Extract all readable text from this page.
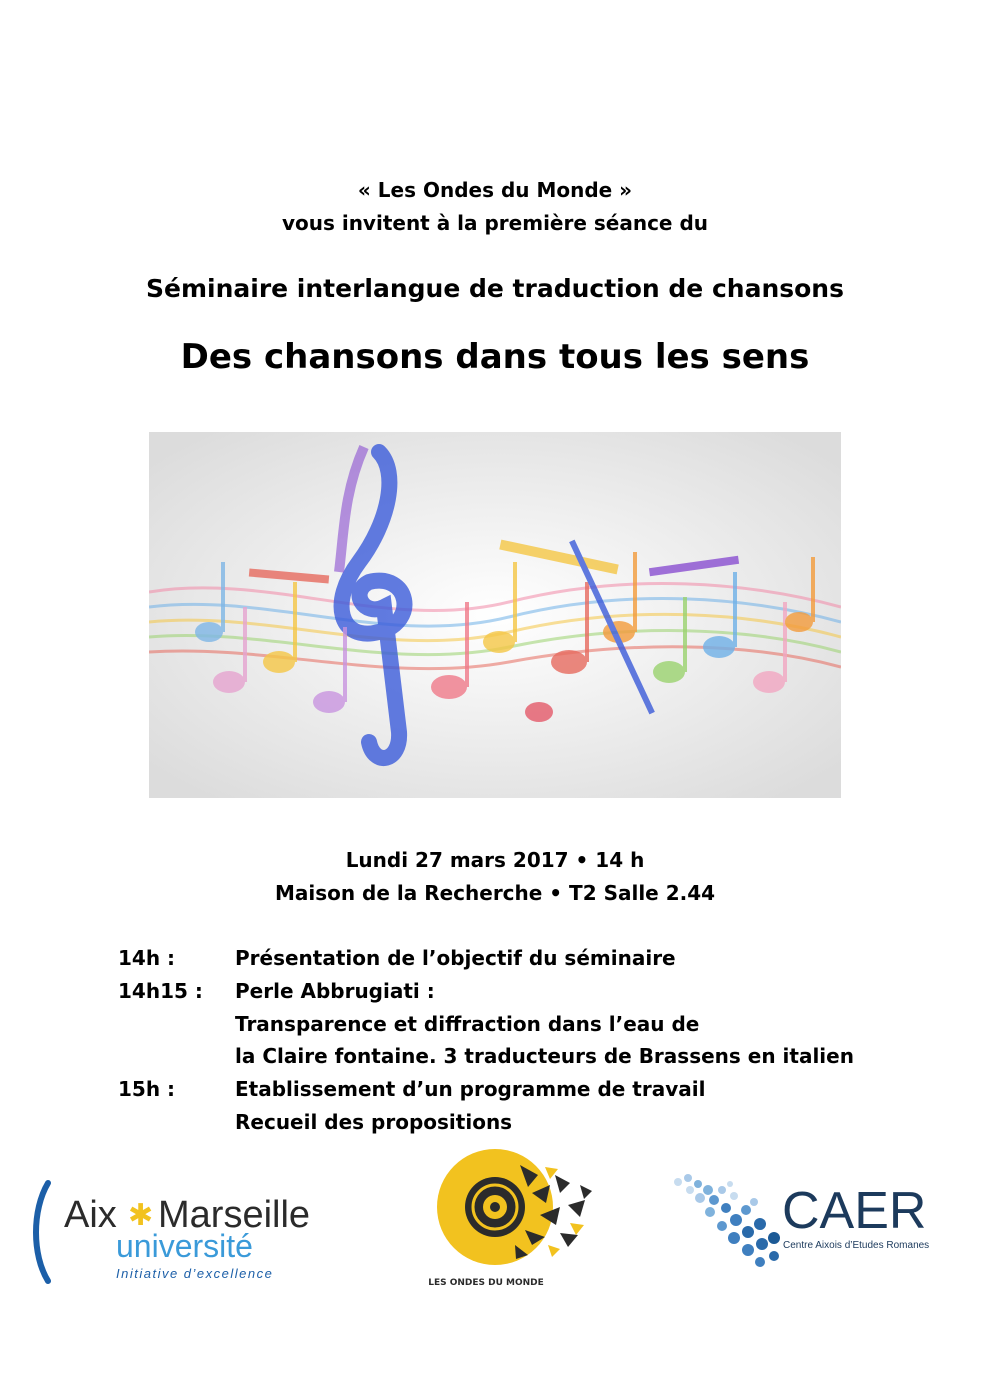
« Les Ondes du Monde »
vous invitent à la première séance du
Séminaire interlangue de traduction de chansons
Des chansons dans tous les sens
Lundi 27 mars 2017 • 14 h
Maison de la Recherche • T2 Salle 2.44
14h :	Présentation de l’objectif du séminaire
14h15 : Perle Abbrugiati :
Transparence et diffraction dans l’eau de
la Claire fontaine. 3 traducteurs de Brassens en italien
15h :	Etablissement d’un programme de travail
Recueil des propositions
Aix ✱ Marseille
université
Initiative d’excellence
LES ONDES DU MONDE
CAER
Centre Aixois d’Etudes Romanes
